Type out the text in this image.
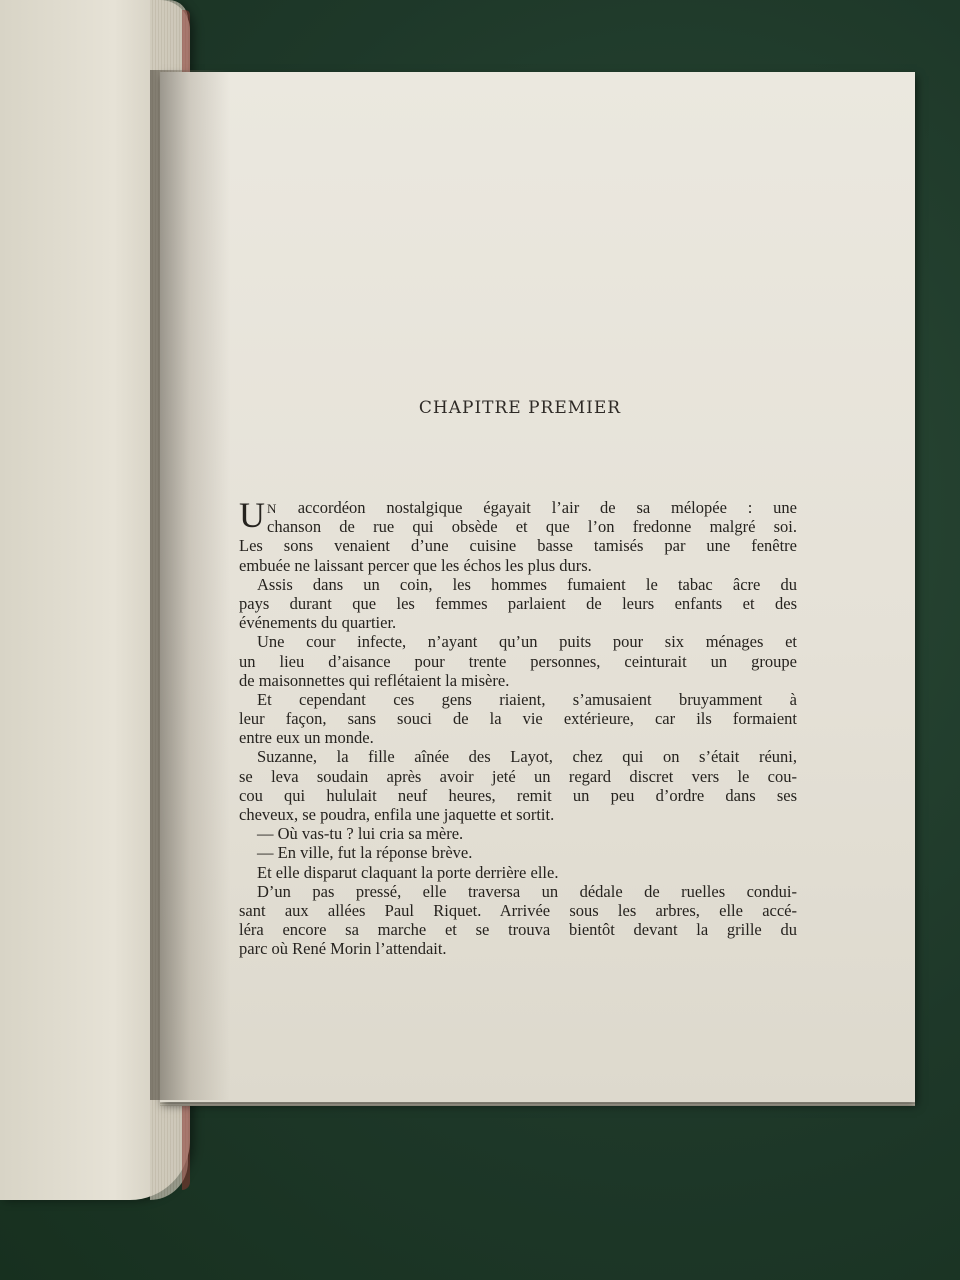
CHAPITRE PREMIER
U N accordéon nostalgique égayait l’air de sa mélopée : une
chanson de rue qui obsède et que l’on fredonne malgré soi.
Les sons venaient d’une cuisine basse tamisés par une fenêtre
embuée ne laissant percer que les échos les plus durs.
Assis dans un coin, les hommes fumaient le tabac âcre du
pays durant que les femmes parlaient de leurs enfants et des
événements du quartier.
Une cour infecte, n’ayant qu’un puits pour six ménages et
un lieu d’aisance pour trente personnes, ceinturait un groupe
de maisonnettes qui reflétaient la misère.
Et cependant ces gens riaient, s’amusaient bruyamment à
leur façon, sans souci de la vie extérieure, car ils formaient
entre eux un monde.
Suzanne, la fille aînée des Layot, chez qui on s’était réuni,
se leva soudain après avoir jeté un regard discret vers le cou-
cou qui hululait neuf heures, remit un peu d’ordre dans ses
cheveux, se poudra, enfila une jaquette et sortit.
— Où vas-tu ? lui cria sa mère.
— En ville, fut la réponse brève.
Et elle disparut claquant la porte derrière elle.
D’un pas pressé, elle traversa un dédale de ruelles condui-
sant aux allées Paul Riquet. Arrivée sous les arbres, elle accé-
léra encore sa marche et se trouva bientôt devant la grille du
parc où René Morin l’attendait.
